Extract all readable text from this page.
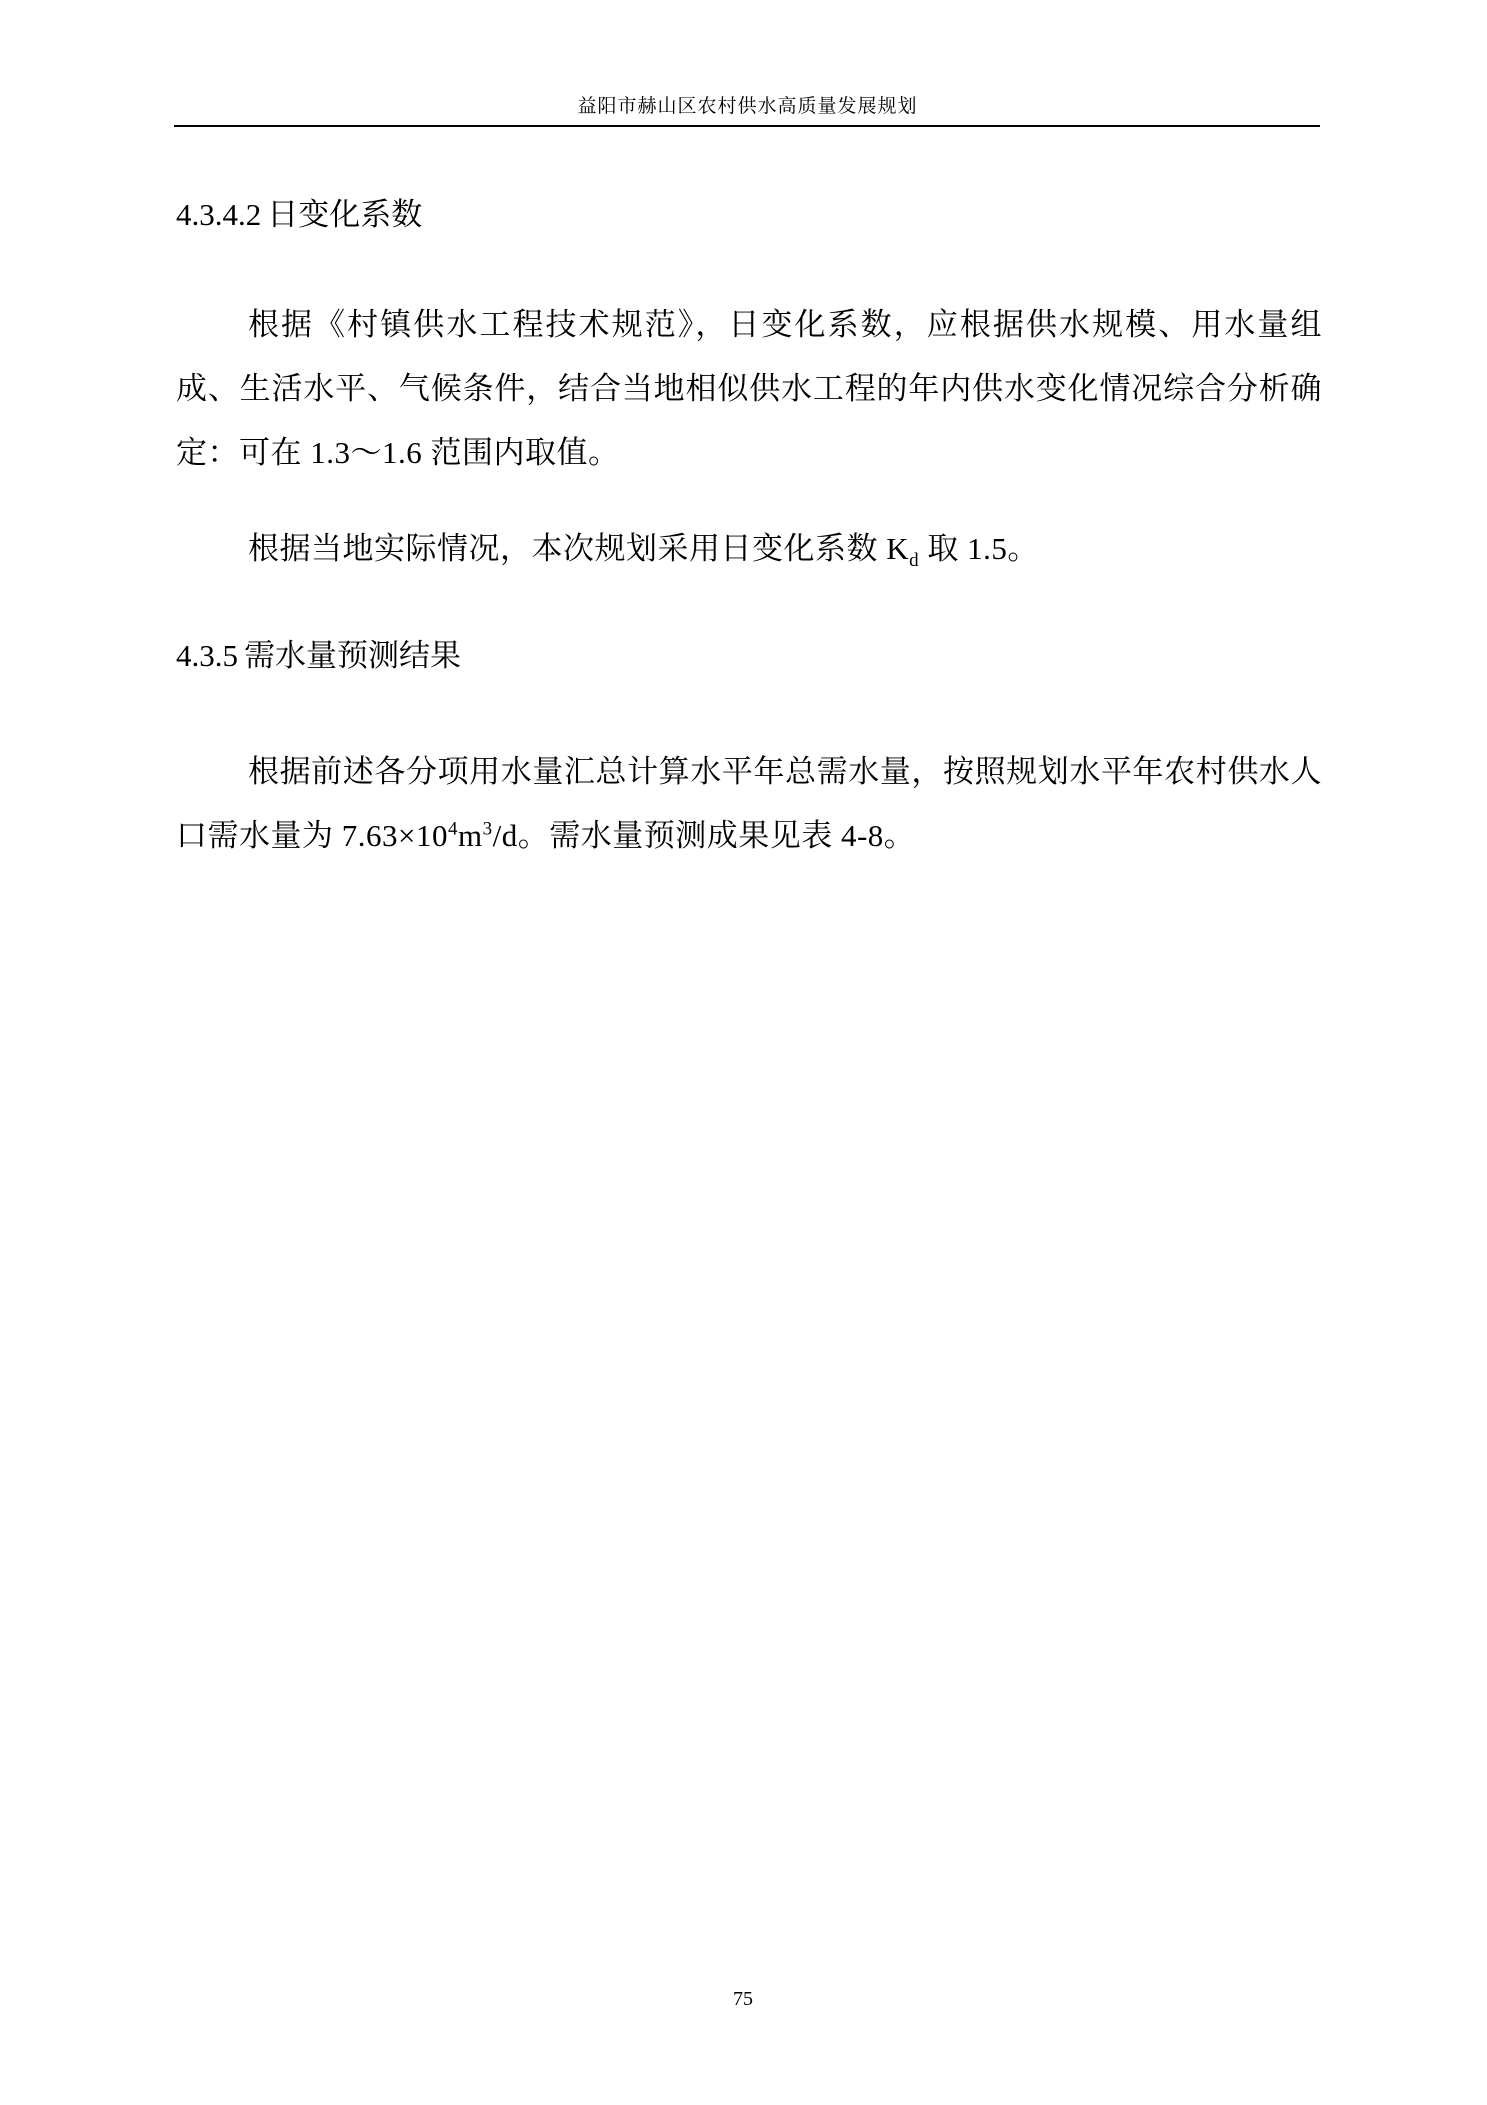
益阳市赫山区农村供水高质量发展规划
4.3.4.2 日变化系数

根据《村镇供水工程技术规范》，日变化系数，应根据供水规模、用水量组成、生活水平、气候条件，结合当地相似供水工程的年内供水变化情况综合分析确定：可在 1.3～1.6 范围内取值。

根据当地实际情况，本次规划采用日变化系数 $K_d$ 取 1.5。

4.3.5 需水量预测结果

根据前述各分项用水量汇总计算水平年总需水量，按照规划水平年农村供水人口需水量为 $7.63\times 10^4m^3/d$。需水量预测成果见表 4-8。

75
